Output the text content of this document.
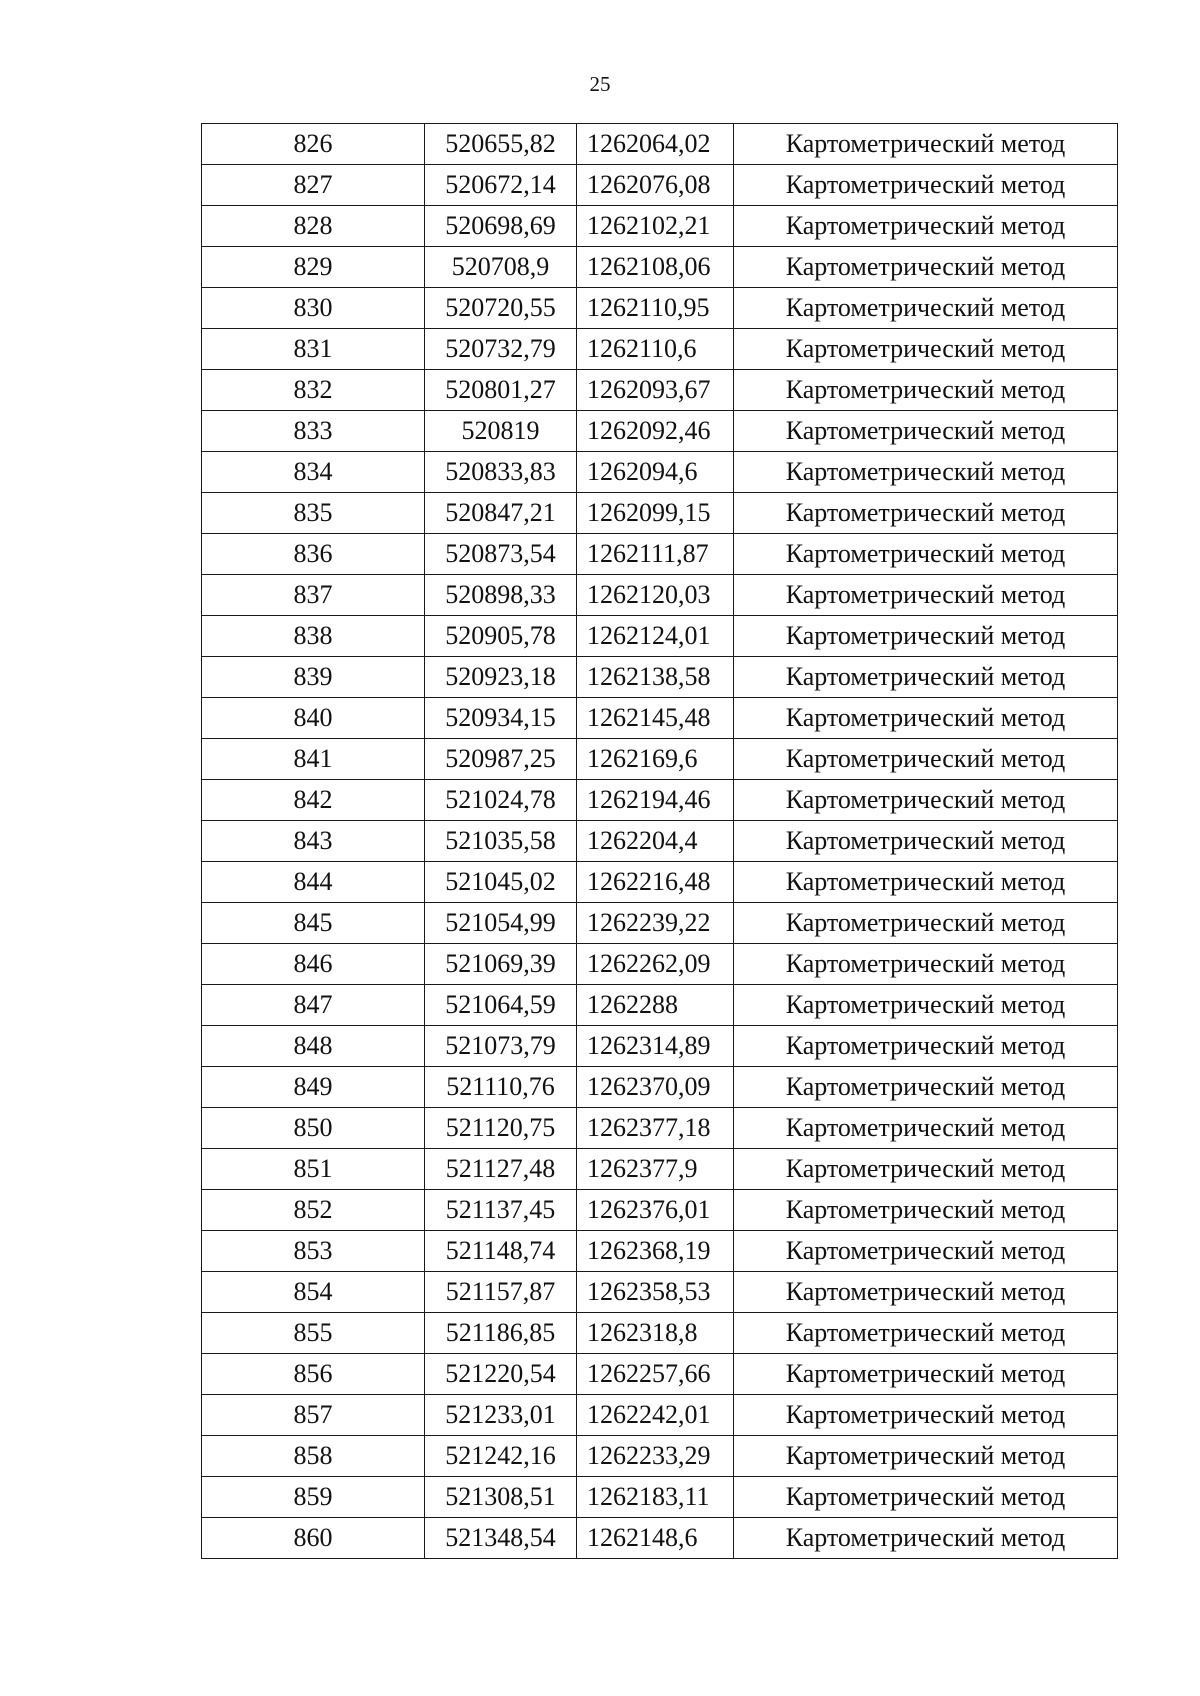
25
826	520655,82	1262064,02	Картометрический метод
827	520672,14	1262076,08	Картометрический метод
828	520698,69	1262102,21	Картометрический метод
829	520708,9	1262108,06	Картометрический метод
830	520720,55	1262110,95	Картометрический метод
831	520732,79	1262110,6	Картометрический метод
832	520801,27	1262093,67	Картометрический метод
833	520819	1262092,46	Картометрический метод
834	520833,83	1262094,6	Картометрический метод
835	520847,21	1262099,15	Картометрический метод
836	520873,54	1262111,87	Картометрический метод
837	520898,33	1262120,03	Картометрический метод
838	520905,78	1262124,01	Картометрический метод
839	520923,18	1262138,58	Картометрический метод
840	520934,15	1262145,48	Картометрический метод
841	520987,25	1262169,6	Картометрический метод
842	521024,78	1262194,46	Картометрический метод
843	521035,58	1262204,4	Картометрический метод
844	521045,02	1262216,48	Картометрический метод
845	521054,99	1262239,22	Картометрический метод
846	521069,39	1262262,09	Картометрический метод
847	521064,59	1262288	Картометрический метод
848	521073,79	1262314,89	Картометрический метод
849	521110,76	1262370,09	Картометрический метод
850	521120,75	1262377,18	Картометрический метод
851	521127,48	1262377,9	Картометрический метод
852	521137,45	1262376,01	Картометрический метод
853	521148,74	1262368,19	Картометрический метод
854	521157,87	1262358,53	Картометрический метод
855	521186,85	1262318,8	Картометрический метод
856	521220,54	1262257,66	Картометрический метод
857	521233,01	1262242,01	Картометрический метод
858	521242,16	1262233,29	Картометрический метод
859	521308,51	1262183,11	Картометрический метод
860	521348,54	1262148,6	Картометрический метод
